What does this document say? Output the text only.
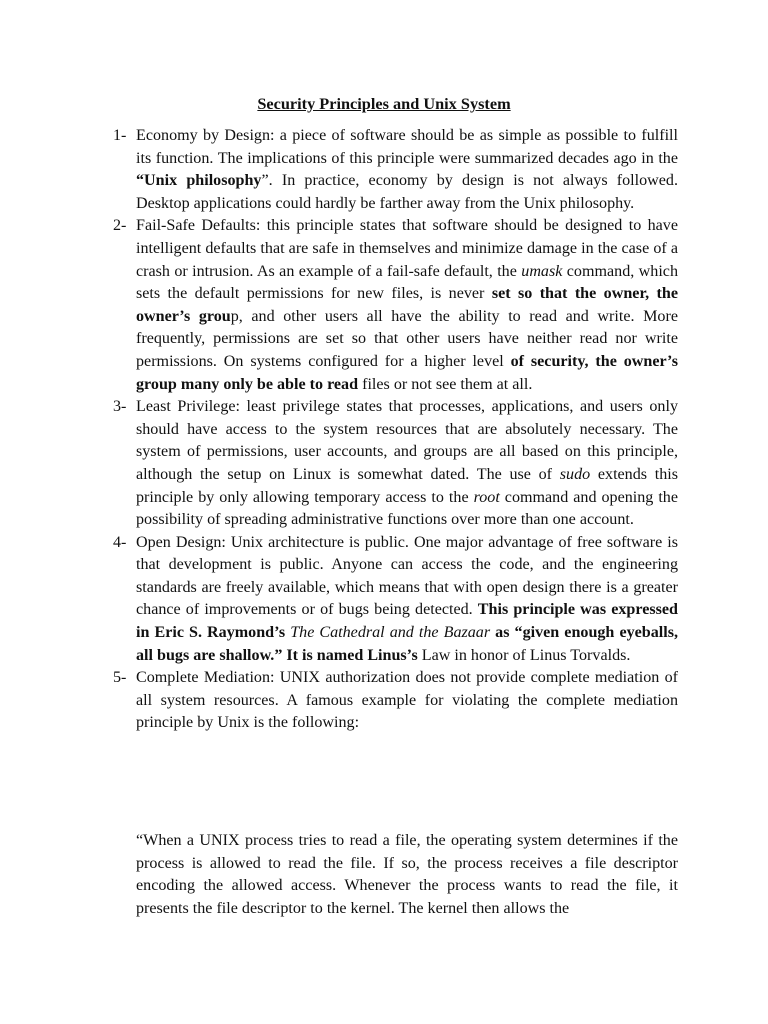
Security Principles and Unix System
1- Economy by Design: a piece of software should be as simple as possible to fulfill its function. The implications of this principle were summarized decades ago in the “Unix philosophy”. In practice, economy by design is not always followed. Desktop applications could hardly be farther away from the Unix philosophy.
2- Fail-Safe Defaults: this principle states that software should be designed to have intelligent defaults that are safe in themselves and minimize damage in the case of a crash or intrusion. As an example of a fail-safe default, the umask command, which sets the default permissions for new files, is never set so that the owner, the owner’s group, and other users all have the ability to read and write. More frequently, permissions are set so that other users have neither read nor write permissions. On systems configured for a higher level of security, the owner’s group many only be able to read files or not see them at all.
3- Least Privilege: least privilege states that processes, applications, and users only should have access to the system resources that are absolutely necessary. The system of permissions, user accounts, and groups are all based on this principle, although the setup on Linux is somewhat dated. The use of sudo extends this principle by only allowing temporary access to the root command and opening the possibility of spreading administrative functions over more than one account.
4- Open Design: Unix architecture is public. One major advantage of free software is that development is public. Anyone can access the code, and the engineering standards are freely available, which means that with open design there is a greater chance of improvements or of bugs being detected. This principle was expressed in Eric S. Raymond’s The Cathedral and the Bazaar as “given enough eyeballs, all bugs are shallow.” It is named Linus’s Law in honor of Linus Torvalds.
5- Complete Mediation: UNIX authorization does not provide complete mediation of all system resources. A famous example for violating the complete mediation principle by Unix is the following:
“When a UNIX process tries to read a file, the operating system determines if the process is allowed to read the file. If so, the process receives a file descriptor encoding the allowed access. Whenever the process wants to read the file, it presents the file descriptor to the kernel. The kernel then allows the
